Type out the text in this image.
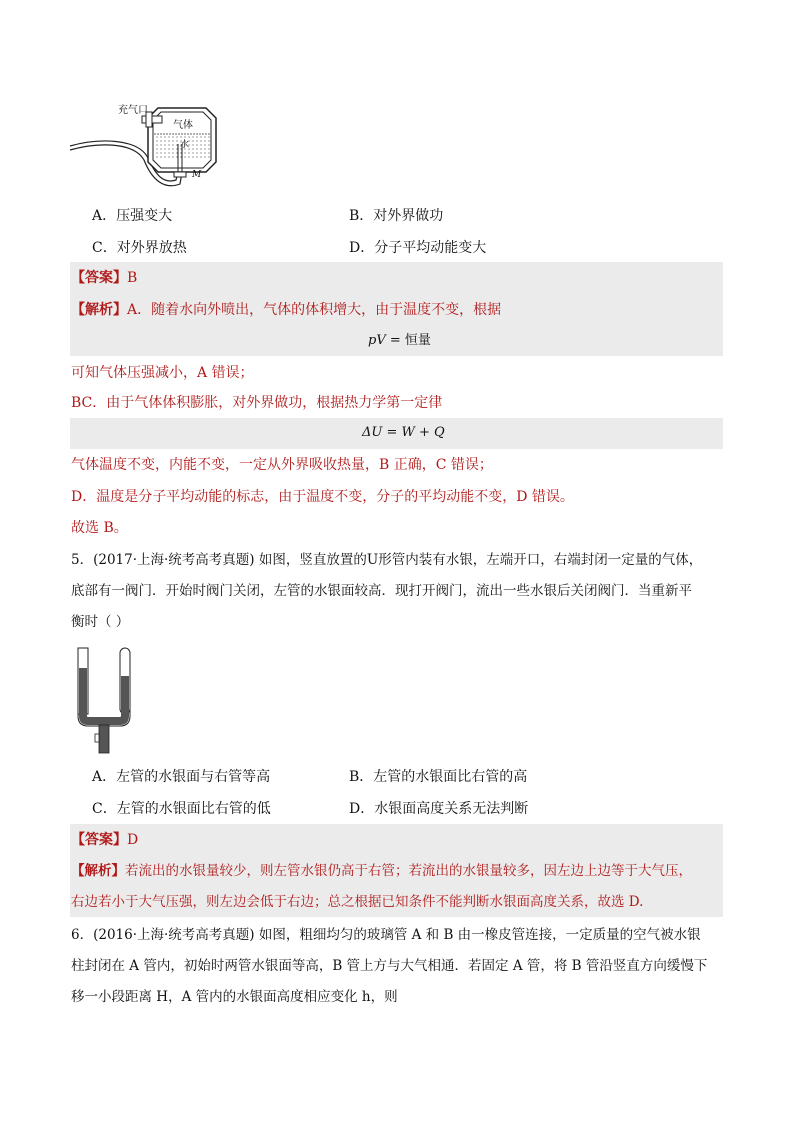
充气口
气体
水
M
A．压强变大	B．对外界做功
C．对外界放热	D．分子平均动能变大
【答案】B
【解析】A．随着水向外喷出，气体的体积增大，由于温度不变，根据
pV = 恒量
可知气体压强减小，A 错误；
BC．由于气体体积膨胀，对外界做功，根据热力学第一定律
ΔU = W + Q
气体温度不变，内能不变，一定从外界吸收热量，B 正确，C 错误；
D．温度是分子平均动能的标志，由于温度不变，分子的平均动能不变，D 错误。
故选 B。
5．(2017·上海·统考高考真题) 如图，竖直放置的U形管内装有水银，左端开口，右端封闭一定量的气体，
底部有一阀门．开始时阀门关闭，左管的水银面较高．现打开阀门，流出一些水银后关闭阀门．当重新平
衡时（ ）
A．左管的水银面与右管等高	B．左管的水银面比右管的高
C．左管的水银面比右管的低	D．水银面高度关系无法判断
【答案】D
【解析】若流出的水银量较少，则左管水银仍高于右管；若流出的水银量较多，因左边上边等于大气压，
右边若小于大气压强，则左边会低于右边；总之根据已知条件不能判断水银面高度关系，故选 D.
6．(2016·上海·统考高考真题) 如图，粗细均匀的玻璃管 A 和 B 由一橡皮管连接，一定质量的空气被水银
柱封闭在 A 管内，初始时两管水银面等高，B 管上方与大气相通．若固定 A 管，将 B 管沿竖直方向缓慢下
移一小段距离 H，A 管内的水银面高度相应变化 h，则
